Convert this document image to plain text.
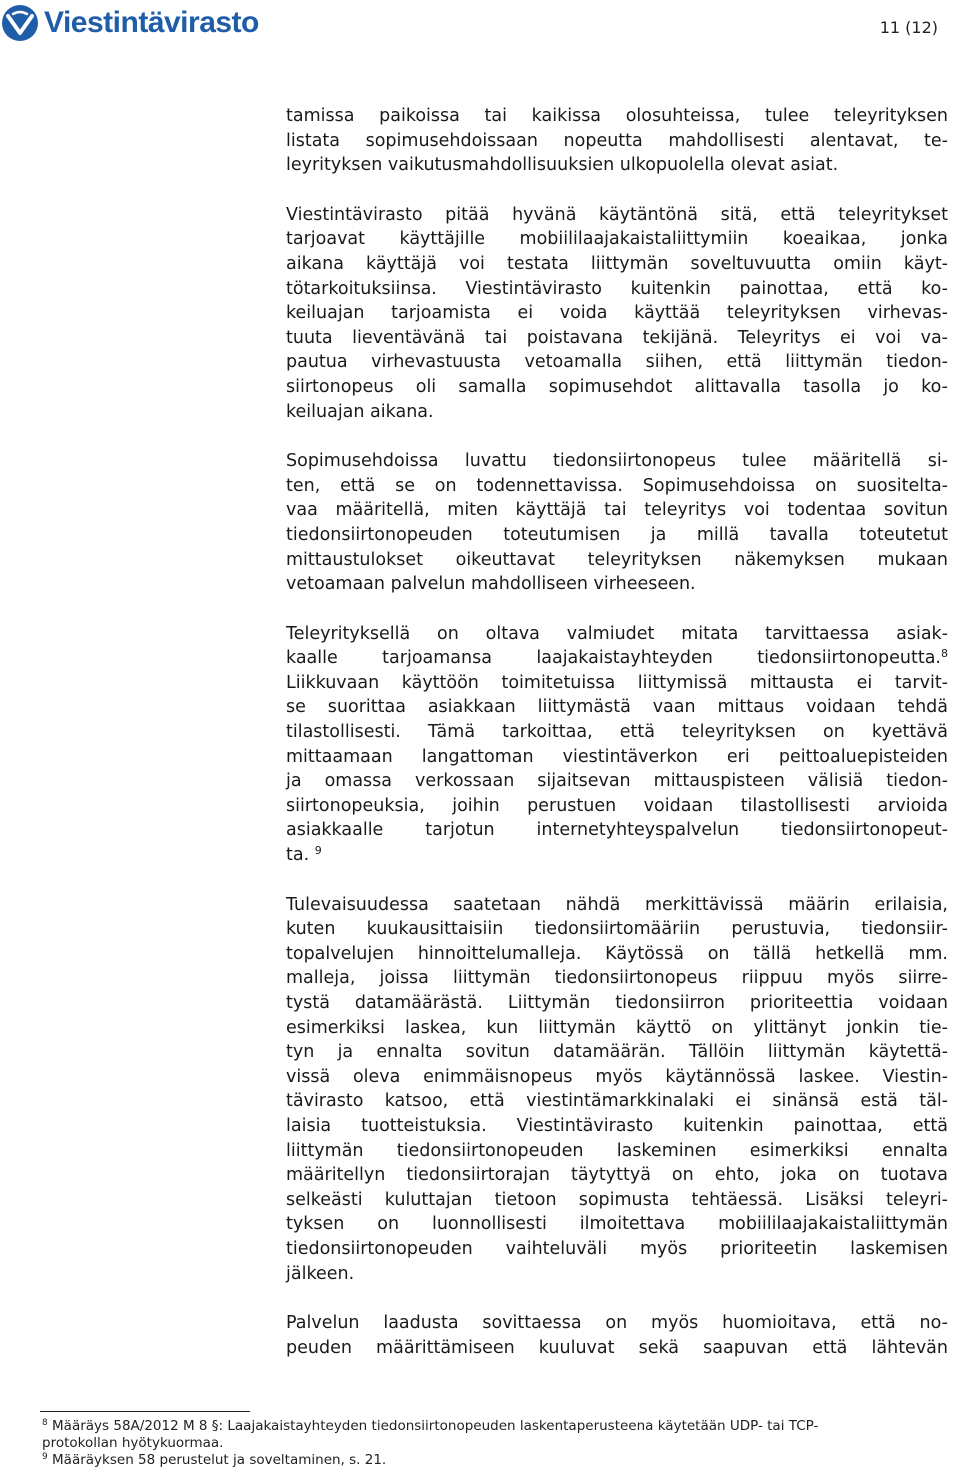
Viestintävirasto	11 (12)

tamissa paikoissa tai kaikissa olosuhteissa, tulee teleyrityksen
listata sopimusehdoissaan nopeutta mahdollisesti alentavat, te-
leyrityksen vaikutusmahdollisuuksien ulkopuolella olevat asiat.

Viestintävirasto pitää hyvänä käytäntönä sitä, että teleyritykset
tarjoavat käyttäjille mobiililaajakaistaliittymiin koeaikaa, jonka
aikana käyttäjä voi testata liittymän soveltuvuutta omiin käyt-
tötarkoituksiinsa. Viestintävirasto kuitenkin painottaa, että ko-
keiluajan tarjoamista ei voida käyttää teleyrityksen virhevas-
tuuta lieventävänä tai poistavana tekijänä. Teleyritys ei voi va-
pautua virhevastuusta vetoamalla siihen, että liittymän tiedon-
siirtonopeus oli samalla sopimusehdot alittavalla tasolla jo ko-
keiluajan aikana.

Sopimusehdoissa luvattu tiedonsiirtonopeus tulee määritellä si-
ten, että se on todennettavissa. Sopimusehdoissa on suositelta-
vaa määritellä, miten käyttäjä tai teleyritys voi todentaa sovitun
tiedonsiirtonopeuden toteutumisen ja millä tavalla toteutetut
mittaustulokset oikeuttavat teleyrityksen näkemyksen mukaan
vetoamaan palvelun mahdolliseen virheeseen.

Teleyrityksellä on oltava valmiudet mitata tarvittaessa asiak-
kaalle tarjoamansa laajakaistayhteyden tiedonsiirtonopeutta.$^8$
Liikkuvaan käyttöön toimitetuissa liittymissä mittausta ei tarvit-
se suorittaa asiakkaan liittymästä vaan mittaus voidaan tehdä
tilastollisesti. Tämä tarkoittaa, että teleyrityksen on kyettävä
mittaamaan langattoman viestintäverkon eri peittoaluepisteiden
ja omassa verkossaan sijaitsevan mittauspisteen välisiä tiedon-
siirtonopeuksia, joihin perustuen voidaan tilastollisesti arvioida
asiakkaalle tarjotun internetyhteyspalvelun tiedonsiirtonopeut-
ta. $^9$

Tulevaisuudessa saatetaan nähdä merkittävissä määrin erilaisia,
kuten kuukausittaisiin tiedonsiirtomääriin perustuvia, tiedonsiir-
topalvelujen hinnoittelumalleja. Käytössä on tällä hetkellä mm.
malleja, joissa liittymän tiedonsiirtonopeus riippuu myös siirre-
tystä datamäärästä. Liittymän tiedonsiirron prioriteettia voidaan
esimerkiksi laskea, kun liittymän käyttö on ylittänyt jonkin tie-
tyn ja ennalta sovitun datamäärän. Tällöin liittymän käytettä-
vissä oleva enimmäisnopeus myös käytännössä laskee. Viestin-
tävirasto katsoo, että viestintämarkkinalaki ei sinänsä estä täl-
laisia tuotteistuksia. Viestintävirasto kuitenkin painottaa, että
liittymän tiedonsiirtonopeuden laskeminen esimerkiksi ennalta
määritellyn tiedonsiirtorajan täytyttyä on ehto, joka on tuotava
selkeästi kuluttajan tietoon sopimusta tehtäessä. Lisäksi teleyri-
tyksen on luonnollisesti ilmoitettava mobiililaajakaistaliittymän
tiedonsiirtonopeuden vaihteluväli myös prioriteetin laskemisen
jälkeen.

Palvelun laadusta sovittaessa on myös huomioitava, että no-
peuden määrittämiseen kuuluvat sekä saapuvan että lähtevän

$^8$ Määräys 58A/2012 M 8 §: Laajakaistayhteyden tiedonsiirtonopeuden laskentaperusteena käytetään UDP- tai TCP-
protokollan hyötykuormaa.
$^9$ Määräyksen 58 perustelut ja soveltaminen, s. 21.
